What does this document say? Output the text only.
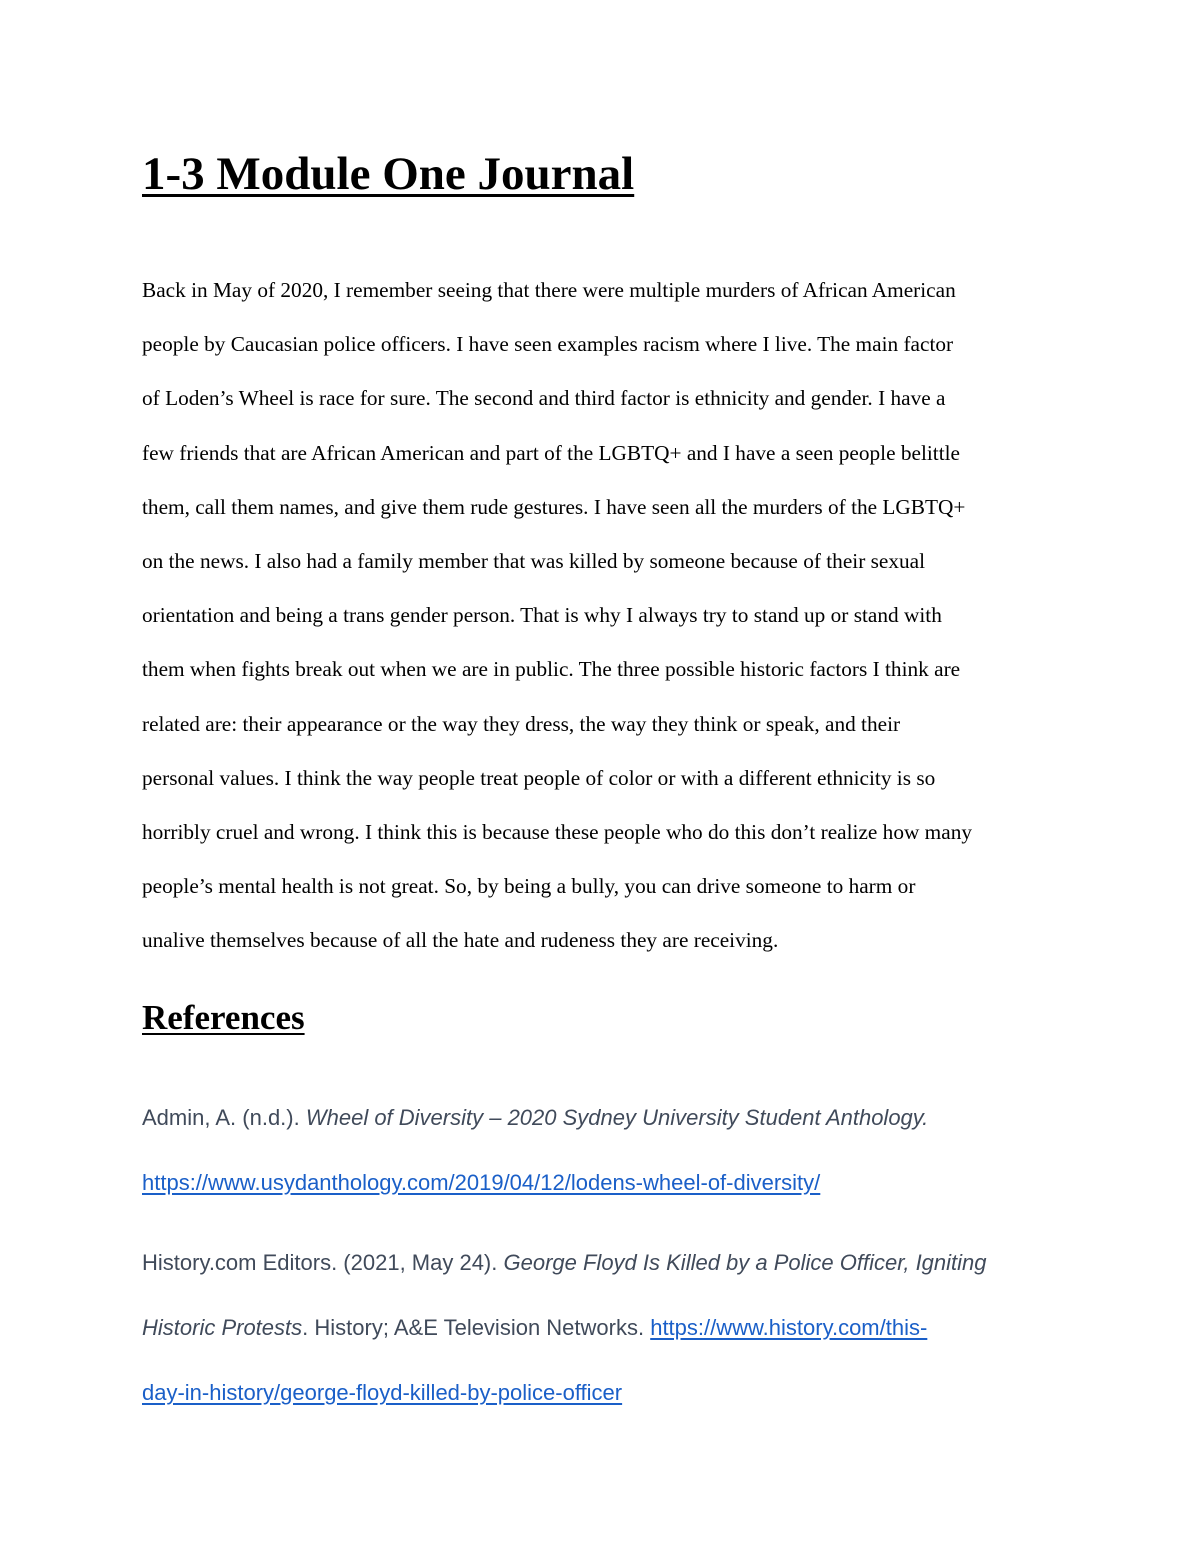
1-3 Module One Journal
Back in May of 2020, I remember seeing that there were multiple murders of African American
people by Caucasian police officers. I have seen examples racism where I live. The main factor
of Loden’s Wheel is race for sure. The second and third factor is ethnicity and gender. I have a
few friends that are African American and part of the LGBTQ+ and I have a seen people belittle
them, call them names, and give them rude gestures. I have seen all the murders of the LGBTQ+
on the news. I also had a family member that was killed by someone because of their sexual
orientation and being a trans gender person. That is why I always try to stand up or stand with
them when fights break out when we are in public. The three possible historic factors I think are
related are: their appearance or the way they dress, the way they think or speak, and their
personal values. I think the way people treat people of color or with a different ethnicity is so
horribly cruel and wrong. I think this is because these people who do this don’t realize how many
people’s mental health is not great. So, by being a bully, you can drive someone to harm or
unalive themselves because of all the hate and rudeness they are receiving.
References
Admin, A. (n.d.). Wheel of Diversity – 2020 Sydney University Student Anthology.
https://www.usydanthology.com/2019/04/12/lodens-wheel-of-diversity/
History.com Editors. (2021, May 24). George Floyd Is Killed by a Police Officer, Igniting
Historic Protests. History; A&E Television Networks. https://www.history.com/this-
day-in-history/george-floyd-killed-by-police-officer
